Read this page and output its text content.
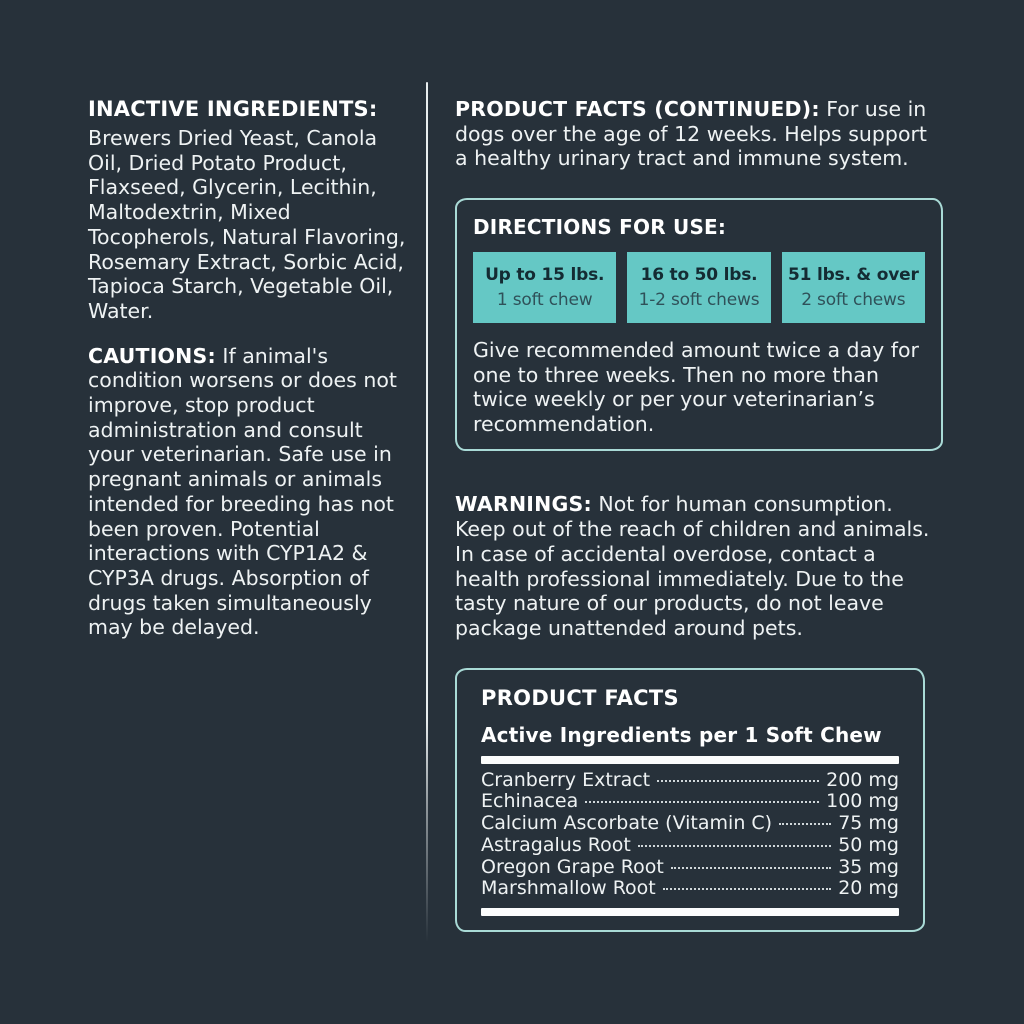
INACTIVE INGREDIENTS:

Brewers Dried Yeast, Canola Oil, Dried Potato Product, Flaxseed, Glycerin, Lecithin, Maltodextrin, Mixed Tocopherols, Natural Flavoring, Rosemary Extract, Sorbic Acid, Tapioca Starch, Vegetable Oil, Water.

CAUTIONS: If animal's condition worsens or does not improve, stop product administration and consult your veterinarian. Safe use in pregnant animals or animals intended for breeding has not been proven. Potential interactions with CYP1A2 & CYP3A drugs. Absorption of drugs taken simultaneously may be delayed.

PRODUCT FACTS (CONTINUED): For use in dogs over the age of 12 weeks. Helps support a healthy urinary tract and immune system.

DIRECTIONS FOR USE:
Up to 15 lbs.
1 soft chew
16 to 50 lbs.
1-2 soft chews
51 lbs. & over
2 soft chews

Give recommended amount twice a day for one to three weeks. Then no more than twice weekly or per your veterinarian’s recommendation.

WARNINGS: Not for human consumption. Keep out of the reach of children and animals. In case of accidental overdose, contact a health professional immediately. Due to the tasty nature of our products, do not leave package unattended around pets.

PRODUCT FACTS
Active Ingredients per 1 Soft Chew
Cranberry Extract	200 mg
Echinacea	100 mg
Calcium Ascorbate (Vitamin C)	75 mg
Astragalus Root	50 mg
Oregon Grape Root	35 mg
Marshmallow Root	20 mg
